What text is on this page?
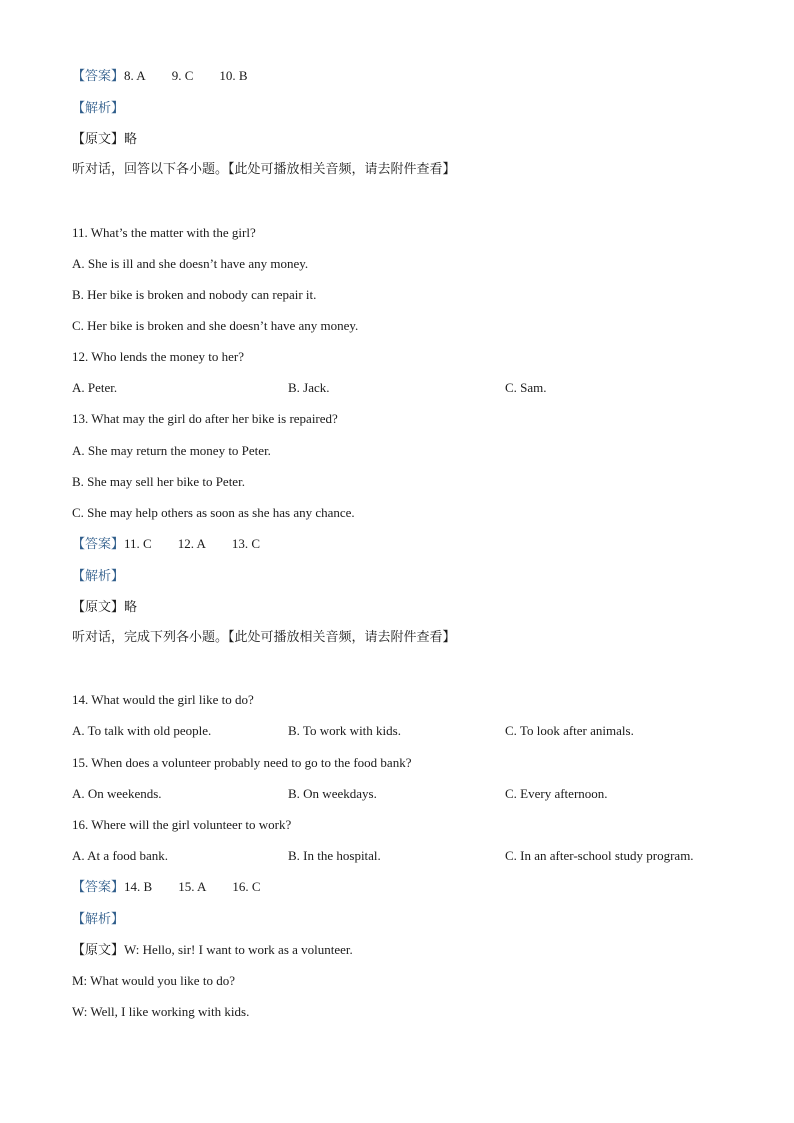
【答案】8. A 9. C 10. B
【解析】
【原文】略
听对话，回答以下各小题。【此处可播放相关音频，请去附件查看】
11. What’s the matter with the girl?
A. She is ill and she doesn’t have any money.
B. Her bike is broken and nobody can repair it.
C. Her bike is broken and she doesn’t have any money.
12. Who lends the money to her?
A. Peter.	B. Jack.	C. Sam.
13. What may the girl do after her bike is repaired?
A. She may return the money to Peter.
B. She may sell her bike to Peter.
C. She may help others as soon as she has any chance.
【答案】11. C 12. A 13. C
【解析】
【原文】略
听对话，完成下列各小题。【此处可播放相关音频，请去附件查看】
14. What would the girl like to do?
A. To talk with old people.	B. To work with kids.	C. To look after animals.
15. When does a volunteer probably need to go to the food bank?
A. On weekends.	B. On weekdays.	C. Every afternoon.
16. Where will the girl volunteer to work?
A. At a food bank.	B. In the hospital.	C. In an after-school study program.
【答案】14. B 15. A 16. C
【解析】
【原文】W: Hello, sir! I want to work as a volunteer.
M: What would you like to do?
W: Well, I like working with kids.
